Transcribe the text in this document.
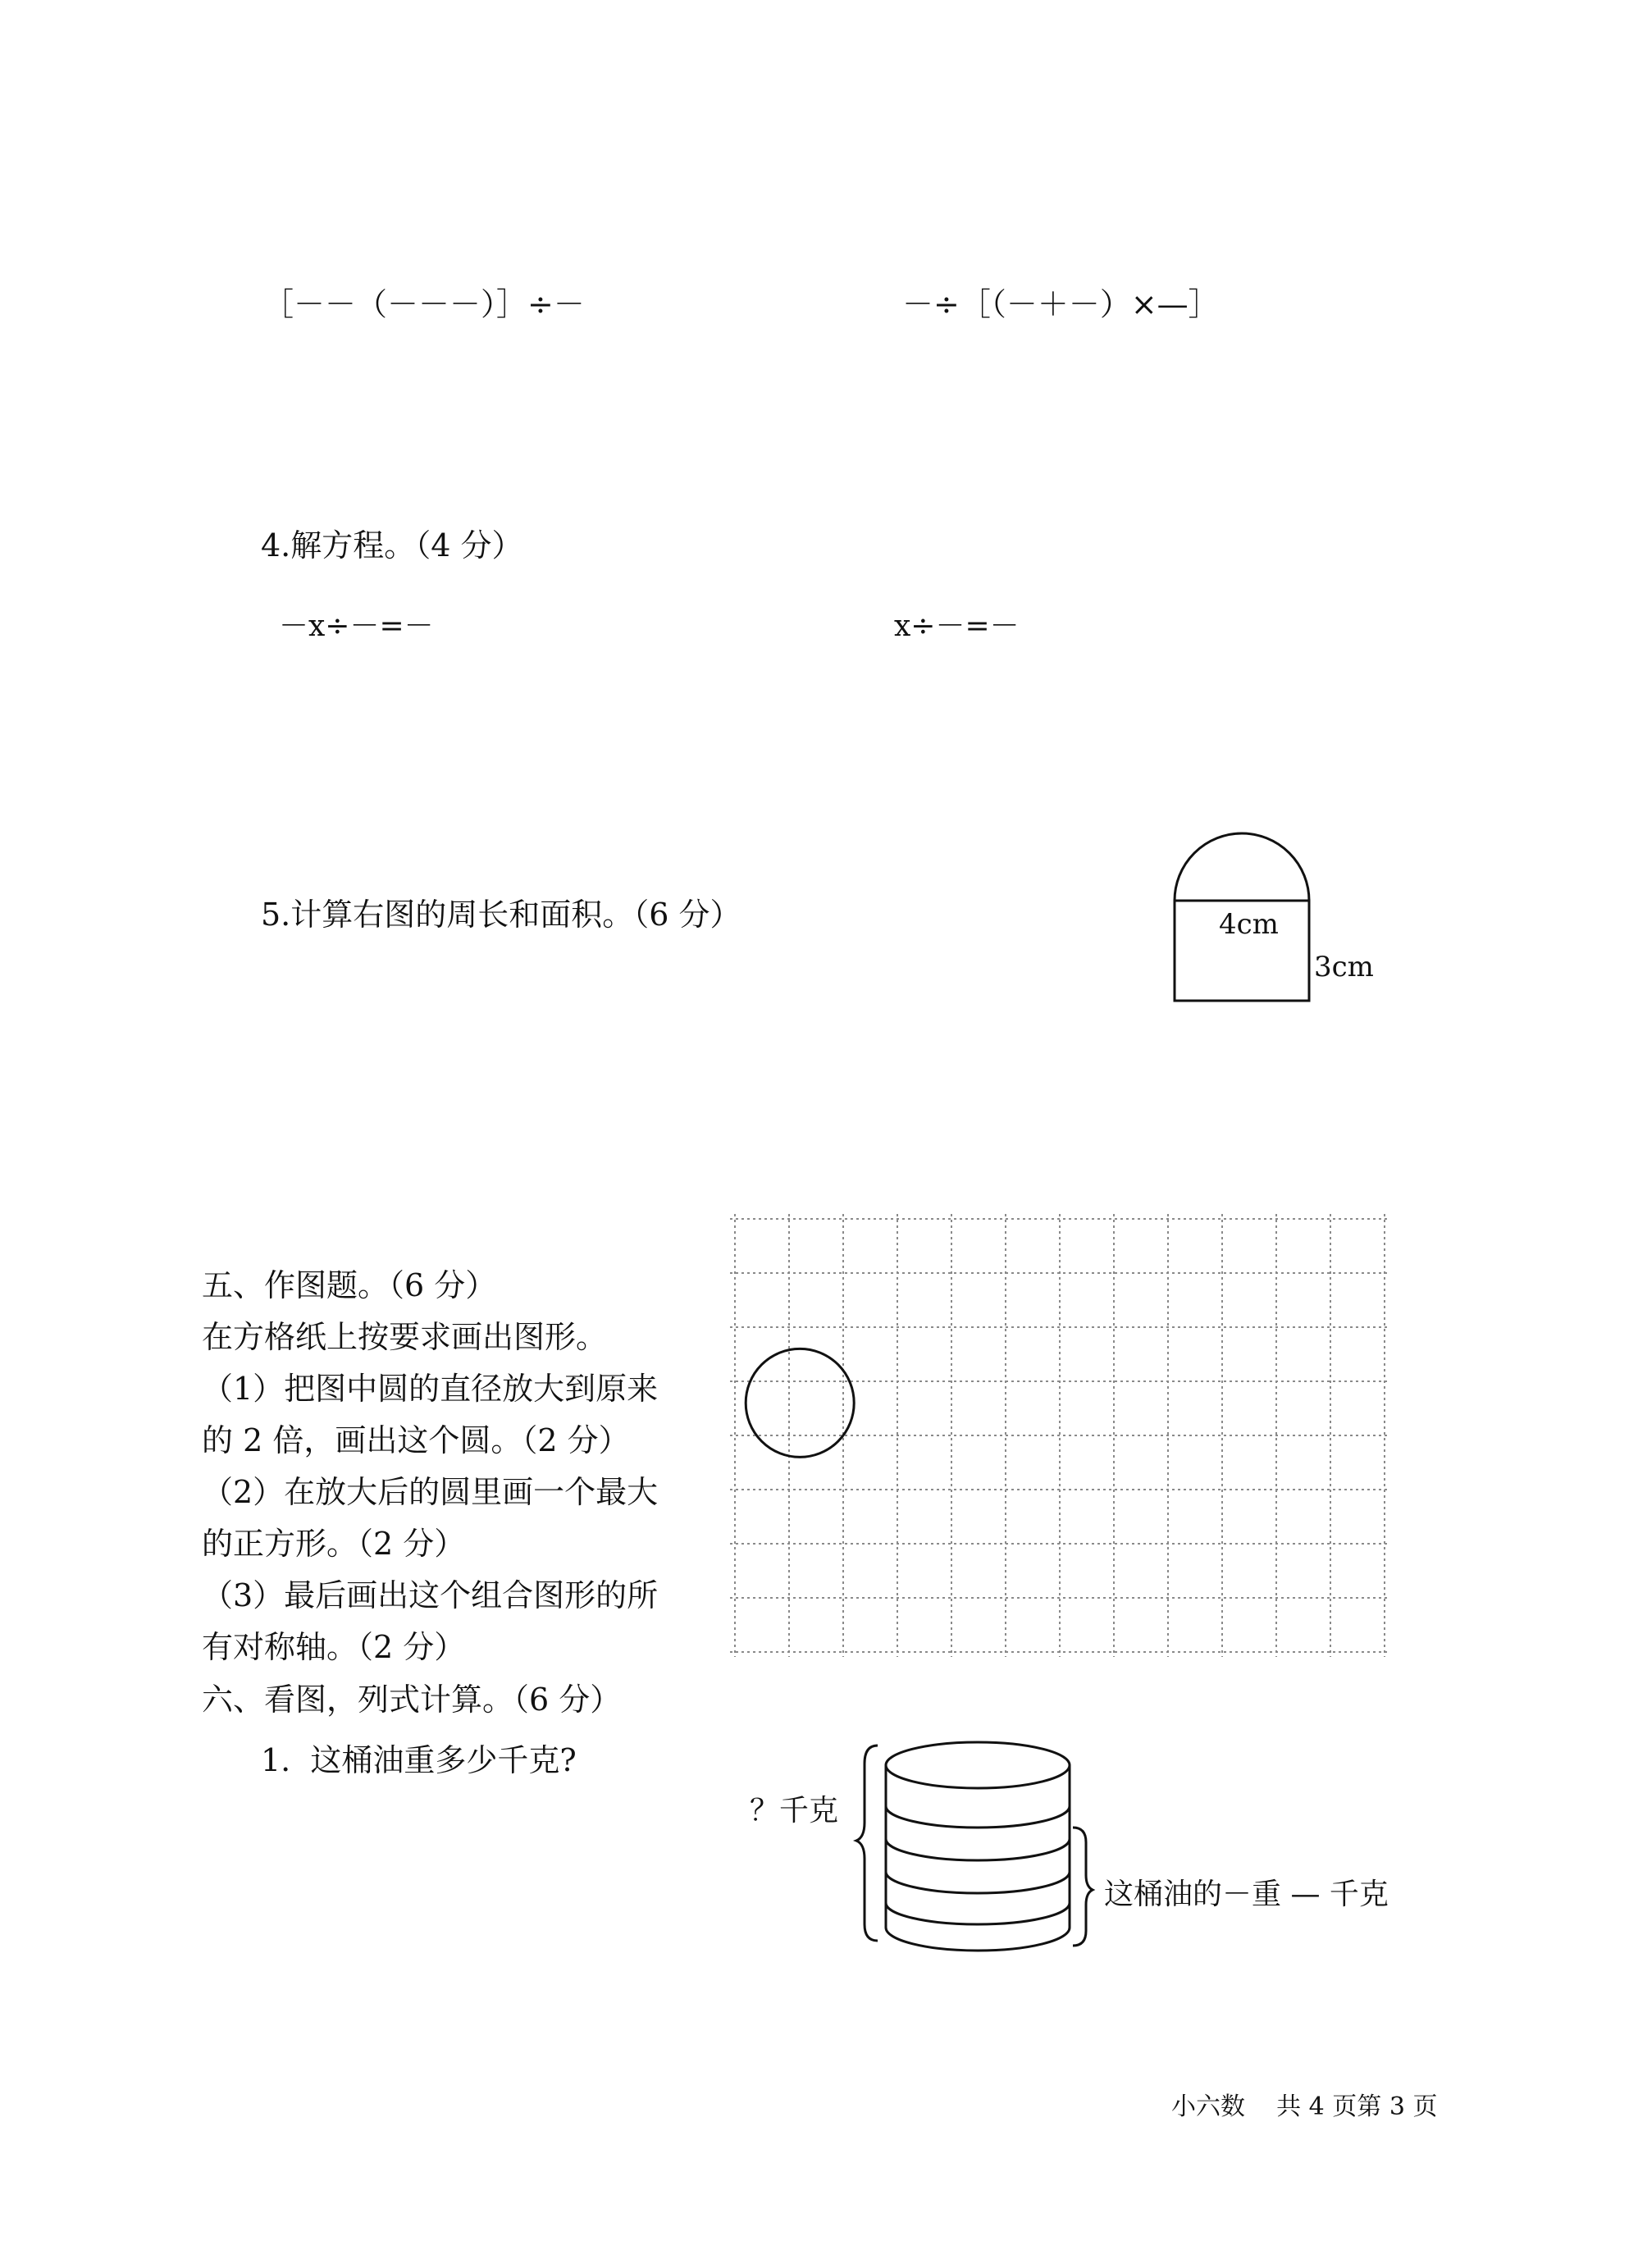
［－－（－－－）］÷－	－÷［（－＋－）×—］
4.解方程。（4 分）
－x÷－=－	x÷－=－
5.计算右图的周长和面积。（6 分）	4cm
3cm
五、作图题。（6 分）
在方格纸上按要求画出图形。
（1）把图中圆的直径放大到原来
的 2 倍，画出这个圆。（2 分）
（2）在放大后的圆里画一个最大
的正方形。（2 分）
（3）最后画出这个组合图形的所
有对称轴。（2 分）
六、看图，列式计算。（6 分）
1.  这桶油重多少千克?
？千克
这桶油的－重 — 千克
小六数    共 4 页第 3 页
